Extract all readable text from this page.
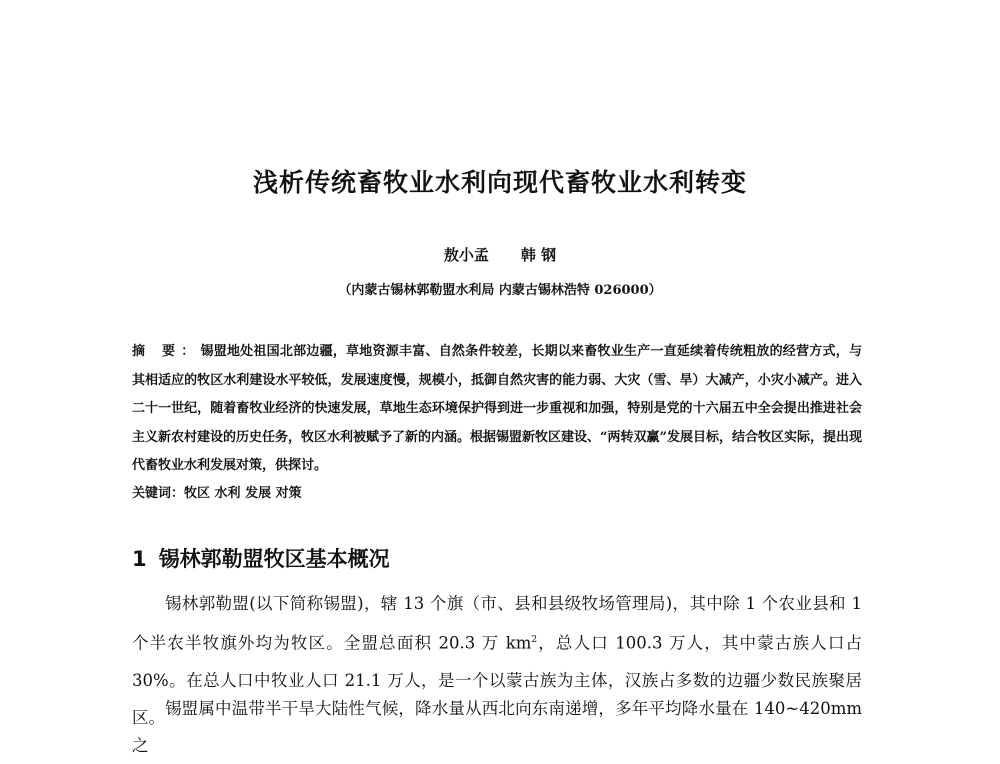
浅析传统畜牧业水利向现代畜牧业水利转变
敖小孟 韩 钢
（内蒙古锡林郭勒盟水利局 内蒙古锡林浩特 026000）

摘 要：锡盟地处祖国北部边疆，草地资源丰富、自然条件较差，长期以来畜牧业生产一直延续着传统粗放的经营方式，与其相适应的牧区水利建设水平较低，发展速度慢，规模小，抵御自然灾害的能力弱、大灾（雪、旱）大减产，小灾小减产。进入二十一世纪，随着畜牧业经济的快速发展，草地生态环境保护得到进一步重视和加强，特别是党的十六届五中全会提出推进社会主义新农村建设的历史任务，牧区水利被赋予了新的内涵。根据锡盟新牧区建设、“两转双赢”发展目标，结合牧区实际，提出现代畜牧业水利发展对策，供探讨。

关键词：牧区 水利 发展 对策

1 锡林郭勒盟牧区基本概况

锡林郭勒盟(以下简称锡盟)，辖 13 个旗（市、县和县级牧场管理局)，其中除 1 个农业县和 1 个半农半牧旗外均为牧区。全盟总面积 20.3 万 $km^2$，总人口 100.3 万人，其中蒙古族人口占 30%。在总人口中牧业人口 21.1 万人，是一个以蒙古族为主体，汉族占多数的边疆少数民族聚居区。 锡盟属中温带半干旱大陆性气候，降水量从西北向东南递增，多年平均降水量在 140~420mm 之
